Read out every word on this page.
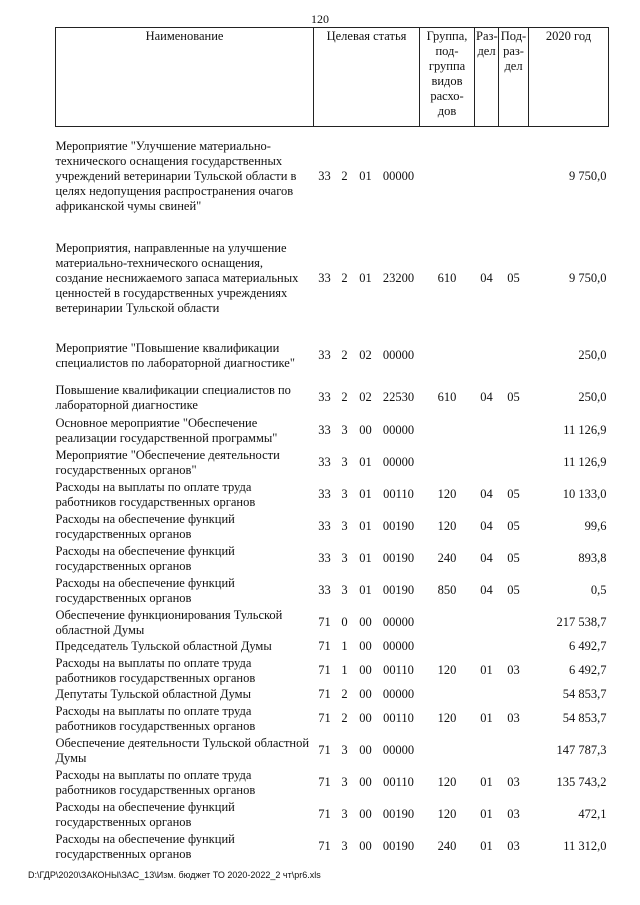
120
Наименование	Целевая статья				Группа, под- группа видов расхо- дов	Раз- дел	Под- раз- дел	2020 год
Мероприятие "Улучшение материально-технического оснащения государственных учреждений ветеринарии Тульской области в целях недопущения распространения очагов африканской чумы свиней"	33	2	01	00000				9 750,0
Мероприятия, направленные на улучшение материально-технического оснащения, создание неснижаемого запаса материальных ценностей в государственных учреждениях ветеринарии Тульской области	33	2	01	23200	610	04	05	9 750,0
Мероприятие "Повышение квалификации специалистов по лабораторной диагностике"	33	2	02	00000				250,0
Повышение квалификации специалистов по лабораторной диагностике	33	2	02	22530	610	04	05	250,0
Основное мероприятие "Обеспечение реализации государственной программы"	33	3	00	00000				11 126,9
Мероприятие "Обеспечение деятельности государственных органов"	33	3	01	00000				11 126,9
Расходы на выплаты по оплате труда работников государственных органов	33	3	01	00110	120	04	05	10 133,0
Расходы на обеспечение функций государственных органов	33	3	01	00190	120	04	05	99,6
Расходы на обеспечение функций государственных органов	33	3	01	00190	240	04	05	893,8
Расходы на обеспечение функций государственных органов	33	3	01	00190	850	04	05	0,5
Обеспечение функционирования Тульской областной Думы	71	0	00	00000				217 538,7
Председатель Тульской областной Думы	71	1	00	00000				6 492,7
Расходы на выплаты по оплате труда работников государственных органов	71	1	00	00110	120	01	03	6 492,7
Депутаты Тульской областной Думы	71	2	00	00000				54 853,7
Расходы на выплаты по оплате труда работников государственных органов	71	2	00	00110	120	01	03	54 853,7
Обеспечение деятельности Тульской областной Думы	71	3	00	00000				147 787,3
Расходы на выплаты по оплате труда работников государственных органов	71	3	00	00110	120	01	03	135 743,2
Расходы на обеспечение функций государственных органов	71	3	00	00190	120	01	03	472,1
Расходы на обеспечение функций государственных органов	71	3	00	00190	240	01	03	11 312,0
D:\ГДР\2020\ЗАКОНЫ\ЗАС_13\Изм. бюджет ТО 2020-2022_2 чт\pr6.xls
